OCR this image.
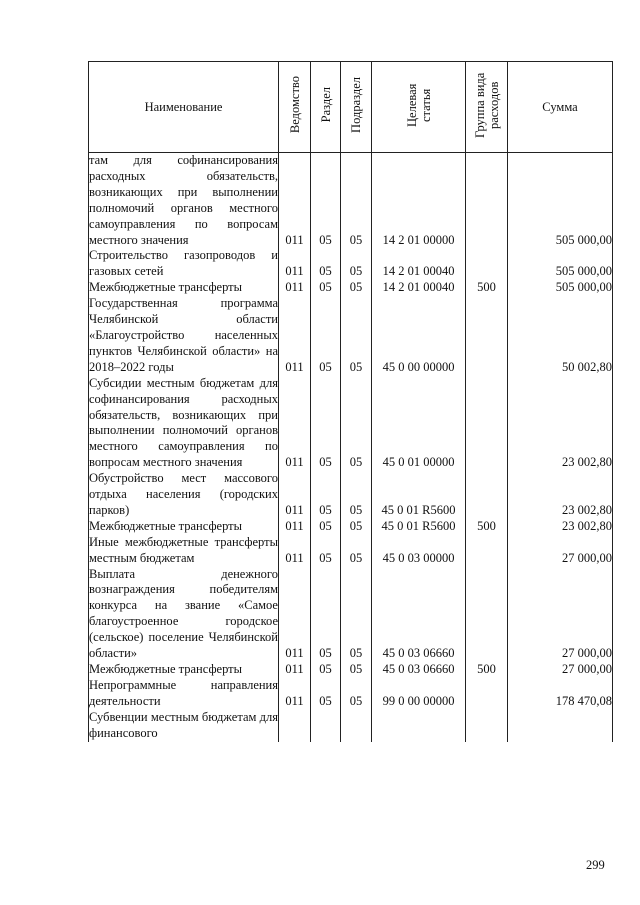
Наименование	Ведомство	Раздел	Подраздел	Целевая статья	Группа вида расходов	Сумма
там для софинансирования расходных обязательств, возникающих при выполнении полномочий органов местного самоуправления по вопросам местного значения	011	05	05	14 2 01 00000		505 000,00
Строительство газопроводов и газовых сетей	011	05	05	14 2 01 00040		505 000,00
Межбюджетные трансферты	011	05	05	14 2 01 00040	500	505 000,00
Государственная программа Челябинской области «Благоустройство населенных пунктов Челябинской области» на 2018–2022 годы	011	05	05	45 0 00 00000		50 002,80
Субсидии местным бюджетам для софинансирования расходных обязательств, возникающих при выполнении полномочий органов местного самоуправления по вопросам местного значения	011	05	05	45 0 01 00000		23 002,80
Обустройство мест массового отдыха населения (городских парков)	011	05	05	45 0 01 R5600		23 002,80
Межбюджетные трансферты	011	05	05	45 0 01 R5600	500	23 002,80
Иные межбюджетные трансферты местным бюджетам	011	05	05	45 0 03 00000		27 000,00
Выплата денежного вознаграждения победителям конкурса на звание «Самое благоустроенное городское (сельское) поселение Челябинской области»	011	05	05	45 0 03 06660		27 000,00
Межбюджетные трансферты	011	05	05	45 0 03 06660	500	27 000,00
Непрограммные направления деятельности	011	05	05	99 0 00 00000		178 470,08
Субвенции местным бюджетам для финансового						
299
